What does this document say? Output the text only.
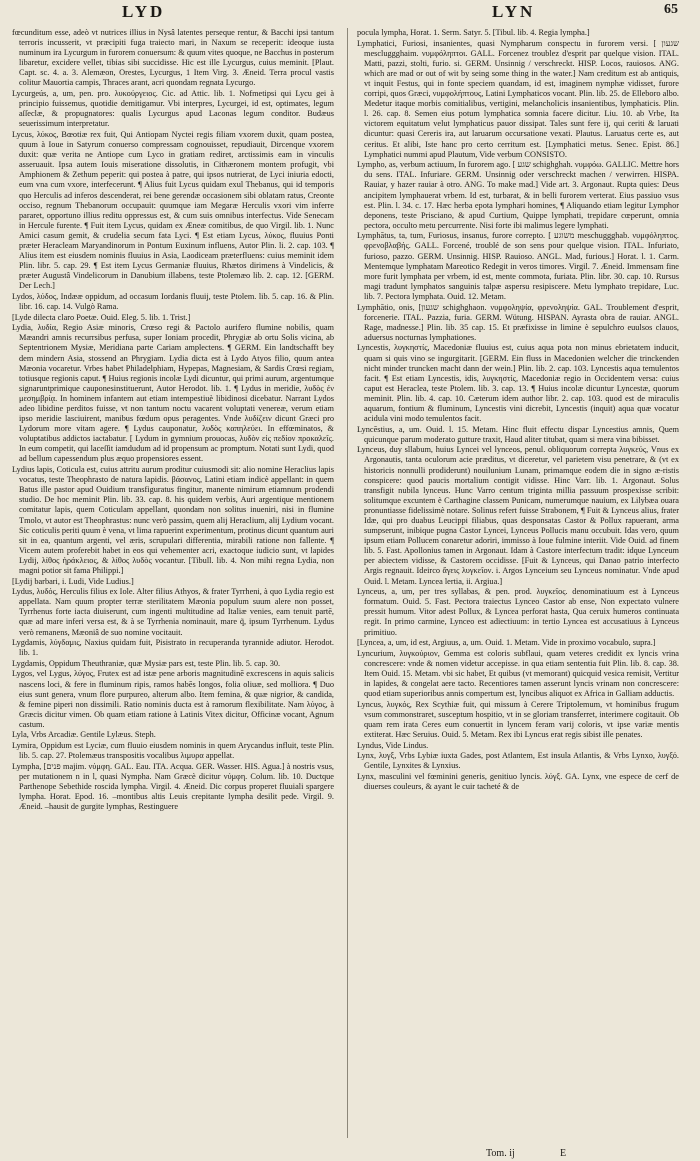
LYD	LYN	65

fœcunditum esse, adeò vt nutrices illius in Nysâ latentes perseque rentur, & Bacchi ipsi tantum terroris incusserit, vt præcipiti fuga traiecto mari, in Naxum se receperit: ideoque iusta numinum ira Lycurgum in furorem conuersum: & quum vites quoque, ne Bacchus in posterum libaretur, excidere vellet, tibias sibi succidisse. Hic est ille Lycurgus, cuius meminit. [Plaut. Capt. sc. 4. a. 3. Alemæon, Orestes, Lycurgus, 1 Item Virg. 3. Æneid. Terra procul vastis colitur Mauortia campis, Thraces arant, acri quondam regnata Lycurgo.

Lycurgeús, a, um, pen. pro. λυκούργειος. Cic. ad Attic. lib. 1. Nofmetipsi qui Lycu gei à principio fuissemus, quotidie demitigamur. Vbi interpres, Lycurgei, id est, optimates, legum aſſeclæ, & propugnatores: qualis Lycurgus apud Laconas legum conditor. Budæus seuerissimum interpretatur.

Lycus, λύκος, Bœotiæ rex fuit, Qui Antiopam Nyctei regis filiam vxorem duxit, quam postea, quum à Ioue in Satyrum conuerso compressam cognouisset, repudiauit, Dircenque vxorem duxit: quæ verita ne Antiope cum Lyco in gratiam rediret, arctissimis eam in vinculis asseruauit. Ipsa autem Iouis miseratione dissolutis, in Cithæronem montem profugit, vbi Amphionem & Zethum peperit: qui postea à patre, qui ipsos nutrierat, de Lyci iniuria edocti, eum vna cum vxore, interfecerunt. ¶ Alius fuit Lycus quidam exul Thebanus, qui id temporis quo Herculis ad inferos descenderat, rei bene gerendæ occasionem sibi oblatam ratus, Creonte occiso, regnum Thebanorum occupauit: quumque iam Megaræ Herculis vxori vim inferre pararet, opportuno illius reditu oppressus est, & cum suis omnibus interfectus. Vide Senecam in Hercule furente. ¶ Fuit item Lycus, quidam ex Æneæ comitibus, de quo Virgil. lib. 1. Nunc Amici casum gemit, & crudelia secum fata Lyci. ¶ Est etiam Lycus, λύκος, fluuius Ponti præter Heracleam Maryandinorum in Pontum Euxinum influens, Autor Plin. li. 2. cap. 103. ¶ Alius item est eiusdem nominis fluuius in Asia, Laodiceam præterfluens: cuius meminit idem Plin. libr. 5. cap. 29. ¶ Est item Lycus Germaniæ fluuius, Rhætos dirimens à Vindelicis, & præter Augustâ Vindelicorum in Danubium illabens, teste Ptolemæo lib. 2. cap. 12. [GERM. Der Lech.]

Lydos, λύδος, Indææ oppidum, ad occasum Iordanis fluuij, teste Ptolem. lib. 5. cap. 16. & Plin. libr. 16. cap. 14. Vulgò Rama.

[Lyde dilecta claro Poetæ. Ouid. Eleg. 5. lib. 1. Trist.]

Lydia, λυδία, Regio Asiæ minoris, Crœso regi & Pactolo aurifero flumine nobilis, quam Mæandri amnis recurrsibus perfusa, super Ioniam procedit, Phrygiæ ab ortu Solis vicina, ab Septentrionem Mysiæ, Meridiana parte Cariam amplectens. ¶ GERM. Ein landtschafft bey dem mindern Asia, stossend an Phrygiam. Lydia dicta est à Lydo Atyos filio, quum antea Mæonia vocaretur. Vrbes habet Philadelphiam, Hypepas, Magnesiam, & Sardis Crœsi regiam, totiusque regionis caput. ¶ Huius regionis incolæ Lydi dicuntur, qui primi aurum, argentumque signaruntprimique cauponesinstituerunt, Autor Herodot. lib. 1. ¶ Lydus in meridie, λυδὸς ἐν μεσημβρίᾳ. In hominem infantem aut etiam intempestiuè libidinosi dicebatur. Narrant Lydos adeo libidine perditos fuisse, vt non tantum noctu vacarent voluptati venereæ, verum etiam ipso meridie lasciuirent, manibus fœdum opus peragentes. Vnde λυδίζειν dicunt Græci pro Lydorum more vitam agere. ¶ Lydus cauponatur, λυδὸς καπηλεύει. In effœminatos, & voluptatibus addictos iactabatur. [ Lydum in gymnium prouocas, λυδὸν εἰς πεδίον προκαλεῖς. In eum competit, qui laceſſit iamdudum ad id propensum ac promptum. Notati sunt Lydi, quod ad bellum capessendum plus æquo propensiores essent.

Lydius lapis, Coticula est, cuius attritu aurum proditur cuiusmodi sit: alio nomine Heraclius lapis vocatus, teste Theophrasto de natura lapidis. βάσανος, Latini etiam indicè appellant: in quem Batus ille pastor apud Ouidium transfiguratus fingitur, manente nimirum etiamnum prodendi studio. De hoc meminit Plin. lib. 33. cap. 8. his quidem verbis, Auri argentique mentionem comitatur lapis, quem Coticulam appellant, quondam non solitus inueniri, nisi in flumine Tmolo, vt autor est Theophrastus: nunc verò passim, quem alij Heraclium, alij Lydium vocant. Sic coticulis periti quum è vena, vt lima rapuerint experimentum, protinus dicunt quantum auri sit in ea, quantum argenti, vel æris, scrupulari differentia, mirabili ratione non fallente. ¶ Vicem autem proferebit habet in eos qui vehementer acri, exactoque iudicio sunt, vt lapides Lydij, λίθος ἡράκλειος, & λίθος λυδὸς vocantur. [Tibull. lib. 4. Non mihi regna Lydia, non magni potior sit fama Philippi.]

[Lydij barbari, i. Ludi, Vide Ludius.]

Lydus, λυδός, Herculis filius ex Iole. Alter filius Athyos, & frater Tyrrheni, à quo Lydia regio est appellata. Nam quum propter terræ sterilitatem Mæonia populum suum alere non posset, Tyrrhenus forte iacta diuiserunt, cum ingenti multitudine ad Italiæ venies, eam tenuit partē, quæ ad mare inferi versa est, & à se Tyrrhenia nominauit, mare q̃, ipsum Tyrrhenum. Lydus verò remanens, Mæoniâ de suo nomine vocitauit.

Lygdamis, λύγδαμις, Naxius quidam fuit, Pisistrato in recuperanda tyrannide adiutor. Herodot. lib. 1.

Lygdamis, Oppidum Theuthraniæ, quæ Mysiæ pars est, teste Plin. lib. 5. cap. 30.

Lygos, vel Lygus, λύγος, Frutex est ad istæ pene arboris magnitudinē excrescens in aquis salicis nascens loci, & fere in fluminum ripis, ramos habēs longos, folia oliuæ, sed molliora. ¶ Duo eius sunt genera, vnum flore purpureo, alterum albo. Item femina, & quæ nigrior, & candida, & femine piperi non dissimili. Ratio nominis ducta est à ramorum flexibilitate. Nam λύγος, à Græcis dicitur vimen. Ob quam etiam ratione à Latinis Vitex dicitur, Officinæ vocant, Agnum castum.

Lyla, Vrbs Arcadiæ. Gentile Lylæus. Steph.

Lymira, Oppidum est Lyciæ, cum fluuio eiusdem nominis in quem Arycandus influit, teste Plin. lib. 5. cap. 27. Ptolemæus transpositis vocalibus λιμυρα appellat.

Lympha, [פנים majim. νύμφη. GAL. Eau. ITA. Acqua. GER. Wasser. HIS. Agua.] à nostris vsus, per mutationem n in l, quasi Nympha. Nam Græcè dicitur νύμφη. Colum. lib. 10. Ductque Parthenope Sebethide roscida lympha. Virgil. 4. Æneid. Dic corpus properet fluuiali spargere lympha. Horat. Epod. 16. –montibus altis Leuis crepitante lympha desilit pede. Virgil. 9. Æneid. –hausit de gurgite lymphas, Restinguere

pocula lympha, Horat. 1. Serm. Satyr. 5. [Tibul. lib. 4. Regia lympha.]

Lymphatici, Furiosi, insanientes, quasi Nympharum conspectu in furorem versi. [ שגעון mescluggghaim. νυμφόληπτοι. GALL. Forcenez troublez d'esprit par quelque vision. ITAL. Matti, pazzi, stolti, furio. si. GERM. Unsinnig / verschreckt. HISP. Locos, rauiosos. ANG. which are mad or out of wit by seing some thing in the water.] Nam creditum est ab antiquis, vt inquit Festus, qui in fonte speciem quandam, id est, imaginem nymphæ vidisset, furore corripi, quos Græci, νυμφολήπτους, Latini Lymphaticos vocant. Plin. lib. 25. de Elleboro albo. Medetur itaque morbis comitialibus, vertigini, melancholicis insanientibus, lymphaticis. Plin. l. 26. cap. 8. Semen eius potum lymphatica somnia facere dicitur. Liu. 10. ab Vrbe, Ita victorem equitatum velut lymphaticus pauor dissipat. Tales sunt fere ij, qui ceriti & laruati dicuntur: quasi Cereris ira, aut laruarum occursatione vexati. Plautus. Laruatus certe es, aut ceritus. Et alibi, Iste hanc pro certo cerritum est. [Lymphatici metus. Senec. Epist. 86.] Lymphatici nummi apud Plautum, Vide verbum CONSISTO.

Lympho, as, verbum actiuum, In furorem ago. [ שגע schighghah. νυμφόω. GALLIC. Mettre hors du sens. ITAL. Infuriare. GERM. Unsinnig oder verschreckt machen / verwirren. HISPA. Rauiar, y hazer rauiar à otro. ANG. To make mad.] Vide art. 3. Argonaut. Rupta quies: Deus ancipitem lymphauerat vrbem. Id est, turbarat, & in belli furorem verterat. Eius passiuo vsus est. Plin. l. 34. c. 17. Hæc herba epota lymphari homines, ¶ Aliquando etiam legitur Lymphor deponens, teste Prisciano, & apud Curtium, Quippe lymphati, trepidare cœperunt, omnia pectora, occulto metu percurrente. Nisi forte ibi malimus legere lymphati.

Lymphātus, ta, tum, Furiosus, insanus, furore correpto. [ משוגע meschuggghab. νυμφόληπτος. φρενοβλαβής. GALL. Forcené, troublé de son sens pour quelque vision. ITAL. Infuriato, furioso, pazzo. GERM. Unsinnig. HISP. Rauioso. ANGL. Mad, furious.] Horat. l. 1. Carm. Mentemque lymphatam Mareotico Redegit in veros timores. Virgil. 7. Æneid. Immensam fine more furit lymphata per vrbem, id est, mente commota, furiata. Plin. libr. 30. cap. 10. Rursus magi tradunt lymphatos sanguinis talpæ aspersu resipiscere. Metu lymphato trepidare, Luc. lib. 7. Pectora lymphata. Ouid. 12. Metam.

Lymphātio, onis, [שגעון schighghaon. νυμφοληψία, φρενοληψία. GAL. Troublement d'esprit, forcenerie. ITAL. Pazzia, furia. GERM. Wütung. HISPAN. Ayrasta obra de rauiar. ANGL. Rage, madnesse.] Plin. lib. 35 cap. 15. Et præfixisse in limine è sepulchro euulsos clauos, aduersus nocturnas lymphationes.

Lyncestis, λυγκηστίς, Macedoniæ fluuius est, cuius aqua pota non minus ebrietatem inducit, quam si quis vino se ingurgitarit. [GERM. Ein fluss in Macedonien welcher die trinckenden nicht minder truncken macht dann der wein.] Plin. lib. 2. cap. 103. Lyncestis aqua temulentos facit. ¶ Est etiam Lyncestis, idis, λυγκηστίς, Macedoniæ regio in Occidentem versa: cuius caput est Heraclea, teste Ptolem. lib. 3. cap. 13. ¶ Huius incolæ dicuntur Lyncestæ, quorum meminit. Plin. lib. 4. cap. 10. Cæterum idem author libr. 2. cap. 103. quod est de miraculis aquarum, fontium & fluminum, Lyncestis vini dicrebit, Lyncestis (inquit) aqua quæ vocatur acidula vini modo temulentos facit.

Lyncēstius, a, um. Ouid. l. 15. Metam. Hinc fluit effectu dispar Lyncestius amnis, Quem quicunque parum moderato gutture traxit, Haud aliter titubat, quam si mera vina bibisset.

Lynceus, duy sllabum, huius Lyncei vel lynceos, penul. obliquorum correpta λυγκεύς, Vnus ex Argonautis, tanta oculorum acie præditus, vt diceretur, vel parietem visu penetrare, & (vt ex historicis nonnulli prodiderunt) nouilunium Lunam, primamque eodem die in signo æ-ristis conspicere: quod paucis mortalium contigit vidisse. Hinc Varr. lib. 1. Argonaut. Solus transfigit nubila lynceus. Hunc Varro centum triginta millia passuum prospexisse scribit: solitumque excuntem è Carthagine classem Punicam, numerumque nauium, ex Lilybæa ouara pronuntiasse fidelissimè notare. Solinus refert fuisse Strabonem, ¶ Fuit & Lynceus alius, frater Idæ, qui pro duabus Leucippi filiabus, quas desponsatas Castor & Pollux rapuerant, arma sumpserunt, inibique pugna Castor Lyncei, Lynceus Pollucis manu occubuit. Idas vero, quum ipsum etiam Pollucem conaretur adoriri, immisso à Ioue fulmine interiit. Vide Ouid. ad finem lib. 5. Fast. Apollonius tamen in Argonaut. Idam à Castore interfectum tradit: idque Lynceum per abiectem vidisse, & Castorem occidisse. [Fuit & Lynceus, qui Danao patrio interfecto Argis regnauit. Ideirco ἄγεις λυγκεῖον. i. Argos Lynceium seu Lynceus nominatur. Vnde apud Ouid. l. Metam. Lyncea lertia, ii. Argiua.]

Lynceus, a, um, per tres syllabas, & pen. prod. λυγκεῖος. denominatiuum est à Lynceus formatum. Ouid. 5. Fast. Pectora traiectus Lynceo Castor ab ense, Non expectato vulnere pressit humum. Vitor adest Pollux, & Lyncea perforat hasta, Qua ceruix humeros continuata regit. In primo carmine, Lynceo est adiectiuum: in tertio Lyncea est accusatiuus à Lynceus primitiuo.

[Lyncea, a, um, id est, Argiuus, a, um. Ouid. 1. Metam. Vide in proximo vocabulo, supra.]

Lyncurium, λυγκούριον, Gemma est coloris subflaui, quam veteres credidit ex lyncis vrina concrescere: vnde & nomen videtur accepisse. in qua etiam sententia fuit Plin. lib. 8. cap. 38. Item Ouid. 15. Metam. vbi sic habet, Et quibus (vt memorant) quicquid vesica remisit, Vertitur in lapides, & congelat aere tacto. Recentiores tamen asserunt lyncis vrinam non concrescere: quod etiam superioribus annis compertum est, lyncibus aliquot ex Africa in Galliam adductis.

Lyncus, λυγκός, Rex Scythiæ fuit, qui missum à Cerere Triptolemum, vt hominibus frugum vsum commonstraret, susceptum hospitio, vt in se gloriam transferret, interimere cogitauit. Ob quam rem irata Ceres eum conuertit in lyncem feram varij coloris, vt ipse variæ mentis extiterat. Hæc Seruius. Ouid. 5. Metam. Rex ibi Lyncus erat regis sibist ille penates.

Lyndus, Vide Lindus.

Lynx, λυγξ, Vrbs Lybiæ iuxta Gades, post Atlantem, Est insula Atlantis, & Vrbs Lynxo, λυγξό. Gentile, Lynxites & Lynxius.

Lynx, masculini vel fœminini generis, genitiuo lyncis. λύγξ. GA. Lynx, vne espece de cerf de diuerses couleurs, & ayant le cuir tacheté & de

Tom. ij	E
